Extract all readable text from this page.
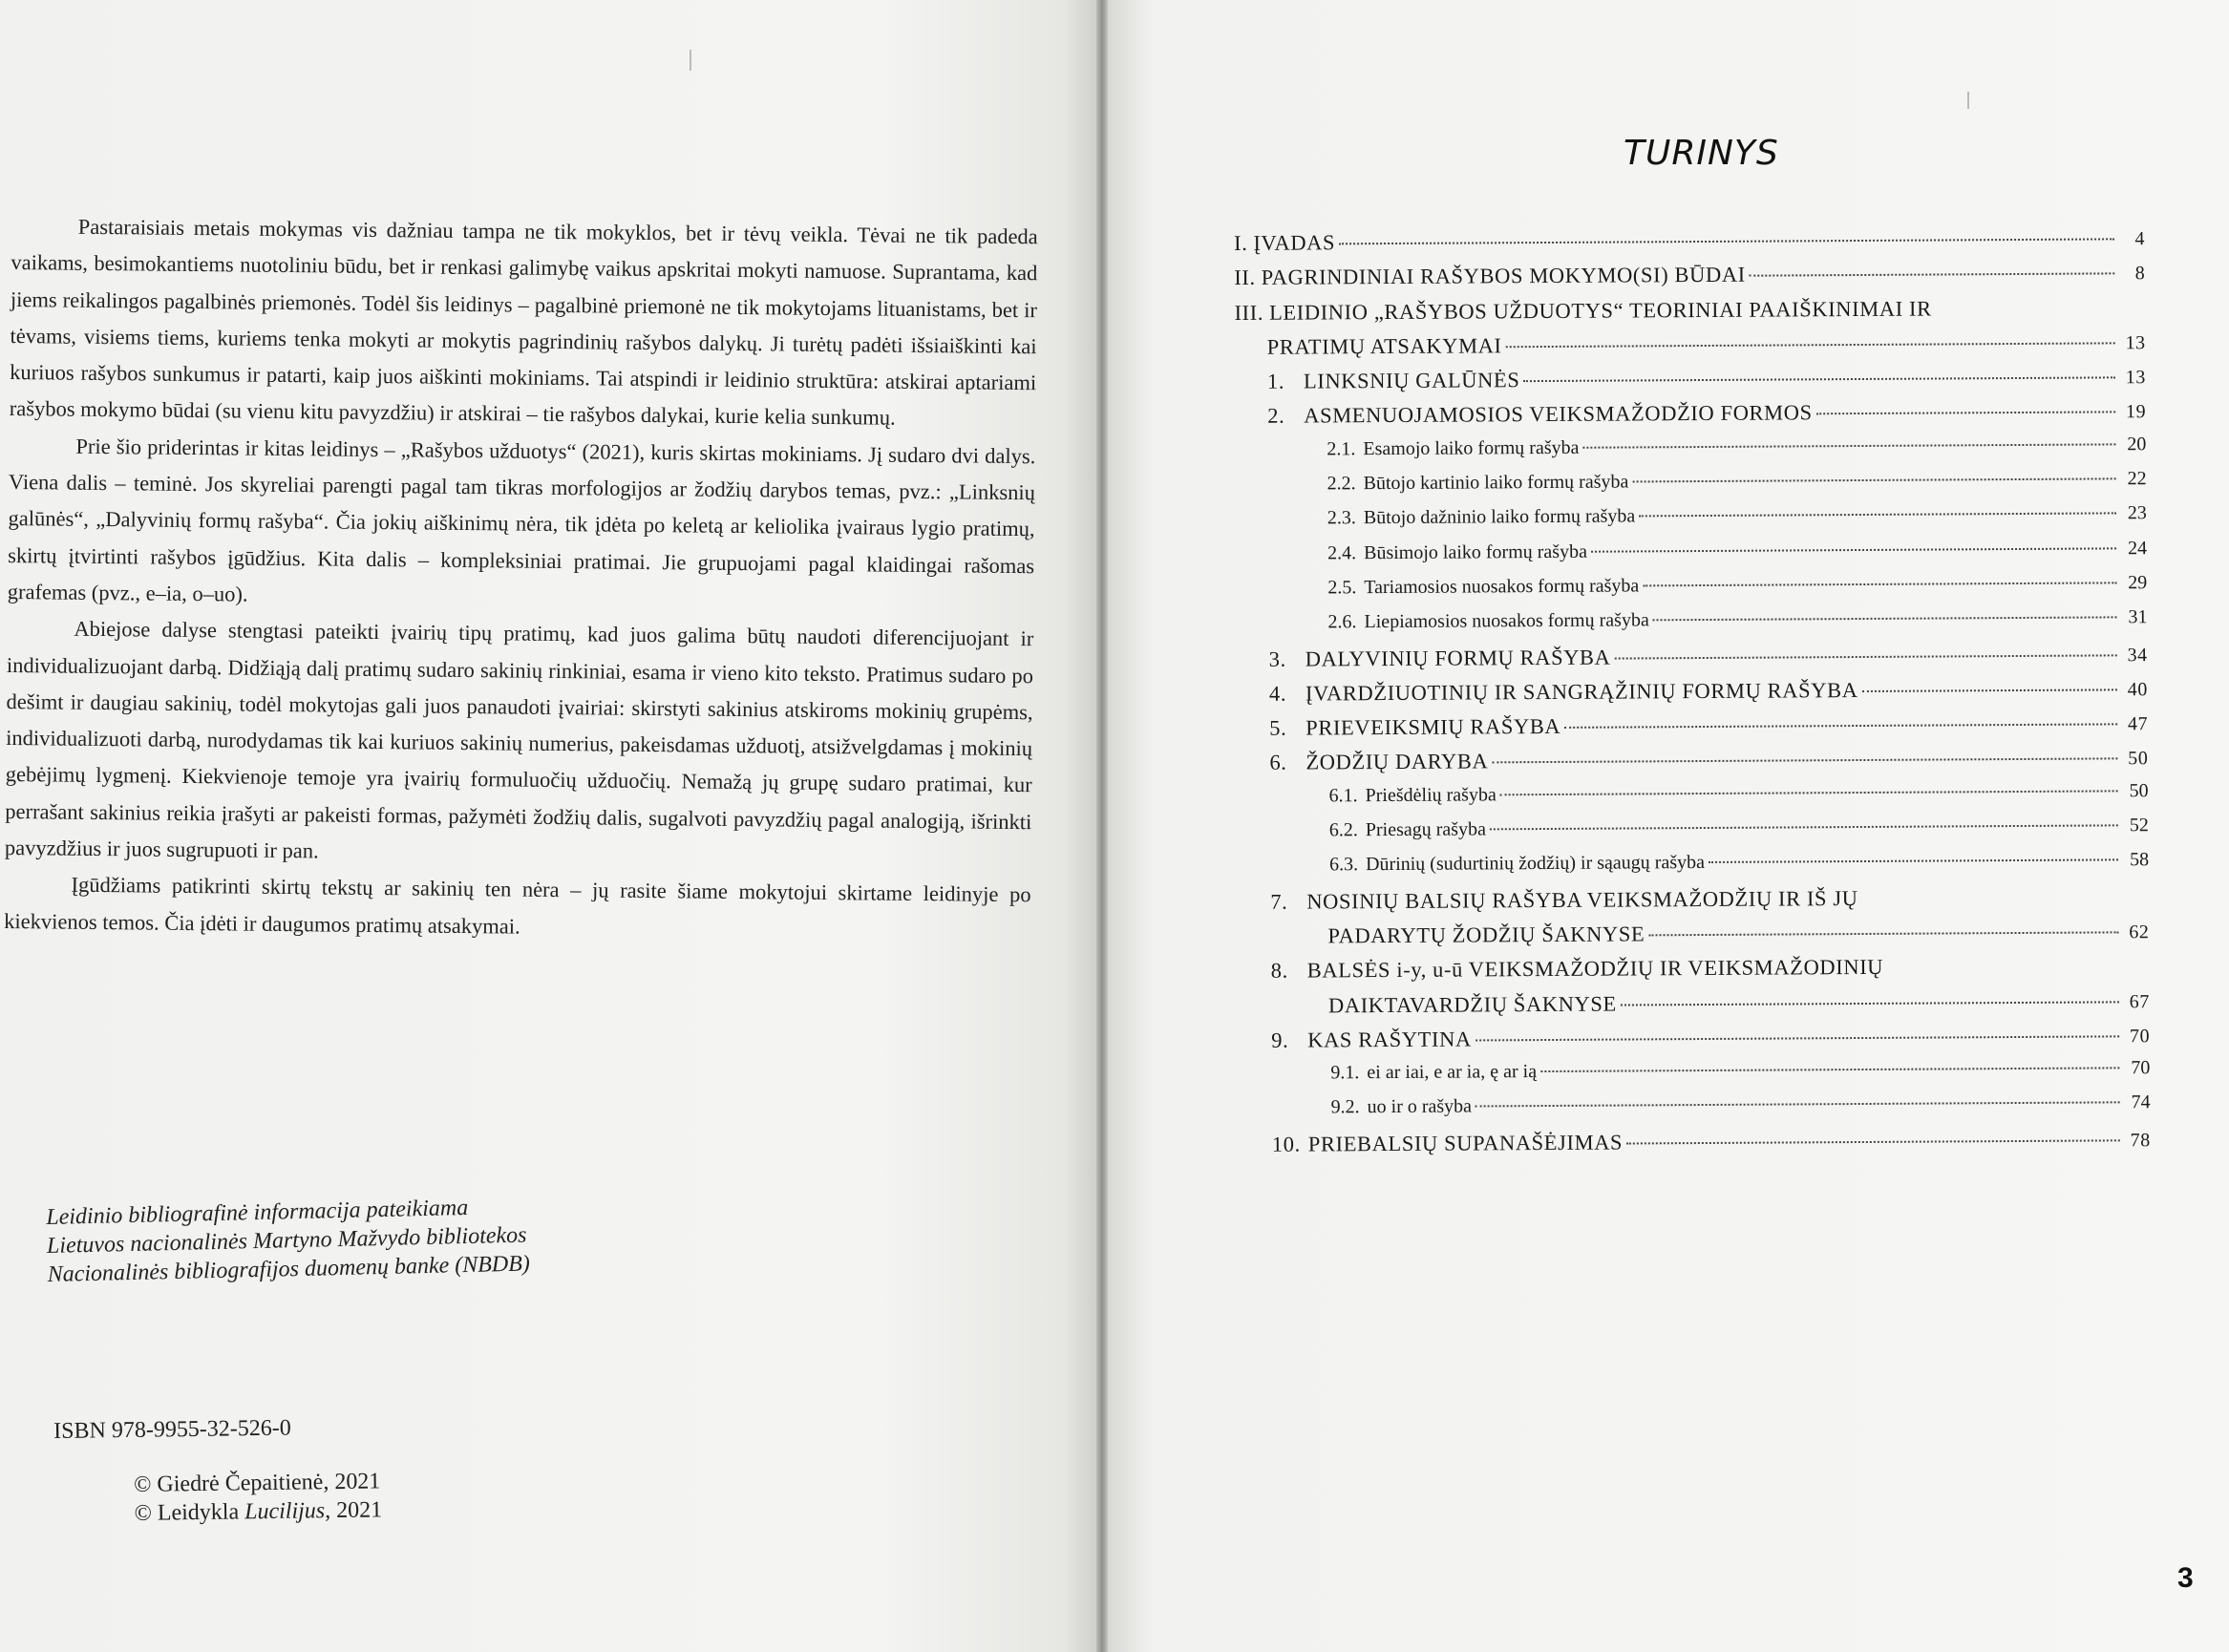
Pastaraisiais metais mokymas vis dažniau tampa ne tik mokyklos, bet ir tėvų veikla. Tėvai ne tik padeda vaikams, besimokantiems nuotoliniu būdu, bet ir renkasi galimybę vaikus apskritai mokyti namuose. Suprantama, kad jiems reikalingos pagalbinės priemonės. Todėl šis leidinys – pagalbinė priemonė ne tik mokytojams lituanistams, bet ir tėvams, visiems tiems, kuriems tenka mokyti ar mokytis pagrindinių rašybos dalykų. Ji turėtų padėti išsiaiškinti kai kuriuos rašybos sunkumus ir patarti, kaip juos aiškinti mokiniams. Tai atspindi ir leidinio struktūra: atskirai aptariami rašybos mokymo būdai (su vienu kitu pavyzdžiu) ir atskirai – tie rašybos dalykai, kurie kelia sunkumų.

Prie šio priderintas ir kitas leidinys – „Rašybos užduotys“ (2021), kuris skirtas mokiniams. Jį sudaro dvi dalys. Viena dalis – teminė. Jos skyreliai parengti pagal tam tikras morfologijos ar žodžių darybos temas, pvz.: „Linksnių galūnės“, „Dalyvinių formų rašyba“. Čia jokių aiškinimų nėra, tik įdėta po keletą ar keliolika įvairaus lygio pratimų, skirtų įtvirtinti rašybos įgūdžius. Kita dalis – kompleksiniai pratimai. Jie grupuojami pagal klaidingai rašomas grafemas (pvz., e–ia, o–uo).

Abiejose dalyse stengtasi pateikti įvairių tipų pratimų, kad juos galima būtų naudoti diferencijuojant ir individualizuojant darbą. Didžiąją dalį pratimų sudaro sakinių rinkiniai, esama ir vieno kito teksto. Pratimus sudaro po dešimt ir daugiau sakinių, todėl mokytojas gali juos panaudoti įvairiai: skirstyti sakinius atskiroms mokinių grupėms, individualizuoti darbą, nurodydamas tik kai kuriuos sakinių numerius, pakeisdamas užduotį, atsižvelgdamas į mokinių gebėjimų lygmenį. Kiekvienoje temoje yra įvairių formuluočių užduočių. Nemažą jų grupę sudaro pratimai, kur perrašant sakinius reikia įrašyti ar pakeisti formas, pažymėti žodžių dalis, sugalvoti pavyzdžių pagal analogiją, išrinkti pavyzdžius ir juos sugrupuoti ir pan.

Įgūdžiams patikrinti skirtų tekstų ar sakinių ten nėra – jų rasite šiame mokytojui skirtame leidinyje po kiekvienos temos. Čia įdėti ir daugumos pratimų atsakymai.

Leidinio bibliografinė informacija pateikiama
Lietuvos nacionalinės Martyno Mažvydo bibliotekos
Nacionalinės bibliografijos duomenų banke (NBDB)
ISBN 978-9955-32-526-0
© Giedrė Čepaitienė, 2021
© Leidykla Lucilijus, 2021
TURINYS
I. ĮVADAS	4
II. PAGRINDINIAI RAŠYBOS MOKYMO(SI) BŪDAI	8
III. LEIDINIO „RAŠYBOS UŽDUOTYS“ TEORINIAI PAAIŠKINIMAI IR
PRATIMŲ ATSAKYMAI	13
1. LINKSNIŲ GALŪNĖS	13
2. ASMENUOJAMOSIOS VEIKSMAŽODŽIO FORMOS	19
2.1. Esamojo laiko formų rašyba	20
2.2. Būtojo kartinio laiko formų rašyba	22
2.3. Būtojo dažninio laiko formų rašyba	23
2.4. Būsimojo laiko formų rašyba	24
2.5. Tariamosios nuosakos formų rašyba	29
2.6. Liepiamosios nuosakos formų rašyba	31
3. DALYVINIŲ FORMŲ RAŠYBA	34
4. ĮVARDŽIUOTINIŲ IR SANGRĄŽINIŲ FORMŲ RAŠYBA	40
5. PRIEVEIKSMIŲ RAŠYBA	47
6. ŽODŽIŲ DARYBA	50
6.1. Priešdėlių rašyba	50
6.2. Priesagų rašyba	52
6.3. Dūrinių (sudurtinių žodžių) ir sąaugų rašyba	58
7. NOSINIŲ BALSIŲ RAŠYBA VEIKSMAŽODŽIŲ IR IŠ JŲ
PADARYTŲ ŽODŽIŲ ŠAKNYSE	62
8. BALSĖS i-y, u-ū VEIKSMAŽODŽIŲ IR VEIKSMAŽODINIŲ
DAIKTAVARDŽIŲ ŠAKNYSE	67
9. KAS RAŠYTINA	70
9.1. ei ar iai, e ar ia, ę ar ią	70
9.2. uo ir o rašyba	74
10. PRIEBALSIŲ SUPANAŠĖJIMAS	78
3
